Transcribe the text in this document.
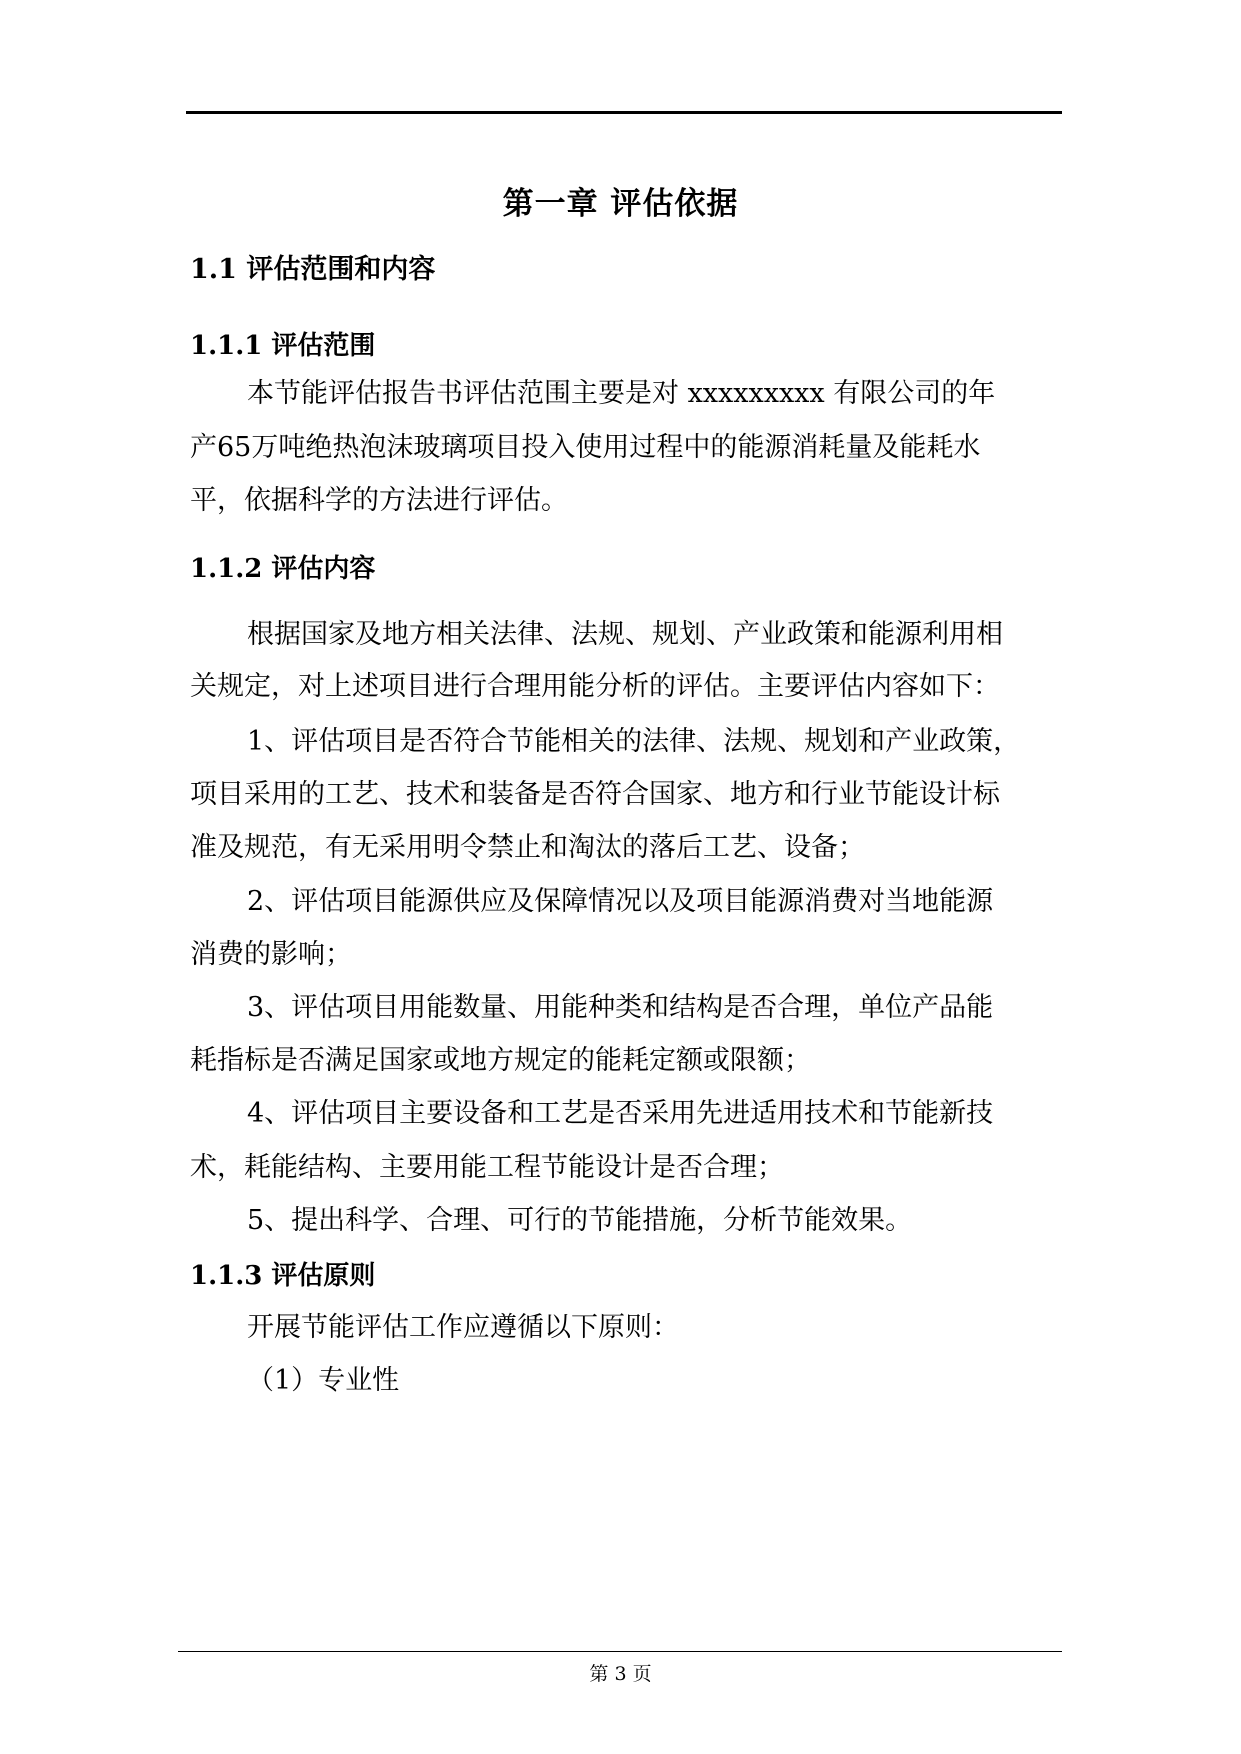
第一章 评估依据
1.1 评估范围和内容
1.1.1 评估范围
本节能评估报告书评估范围主要是对 xxxxxxxxx 有限公司的年
产65万吨绝热泡沫玻璃项目投入使用过程中的能源消耗量及能耗水
平，依据科学的方法进行评估。
1.1.2 评估内容
根据国家及地方相关法律、法规、规划、产业政策和能源利用相
关规定，对上述项目进行合理用能分析的评估。主要评估内容如下：
1、评估项目是否符合节能相关的法律、法规、规划和产业政策，
项目采用的工艺、技术和装备是否符合国家、地方和行业节能设计标
准及规范，有无采用明令禁止和淘汰的落后工艺、设备；
2、评估项目能源供应及保障情况以及项目能源消费对当地能源
消费的影响；
3、评估项目用能数量、用能种类和结构是否合理，单位产品能
耗指标是否满足国家或地方规定的能耗定额或限额；
4、评估项目主要设备和工艺是否采用先进适用技术和节能新技
术，耗能结构、主要用能工程节能设计是否合理；
5、提出科学、合理、可行的节能措施，分析节能效果。
1.1.3 评估原则
开展节能评估工作应遵循以下原则：
（1）专业性
第 3 页
